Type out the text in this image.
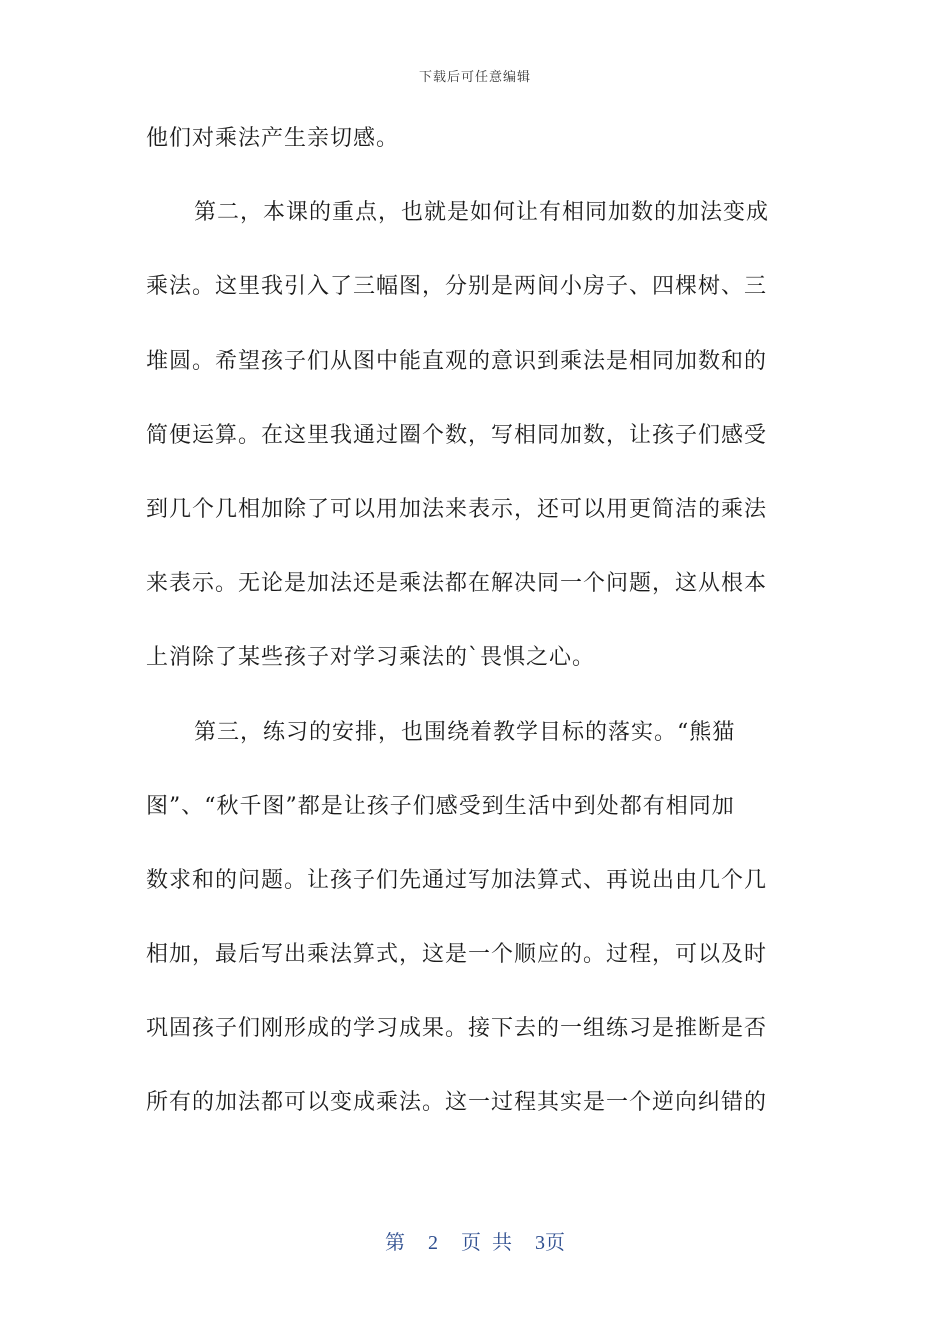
下载后可任意编辑
他们对乘法产生亲切感。
第二，本课的重点，也就是如何让有相同加数的加法变成
乘法。这里我引入了三幅图，分别是两间小房子、四棵树、三
堆圆。希望孩子们从图中能直观的意识到乘法是相同加数和的
简便运算。在这里我通过圈个数，写相同加数，让孩子们感受
到几个几相加除了可以用加法来表示，还可以用更简洁的乘法
来表示。无论是加法还是乘法都在解决同一个问题，这从根本
上消除了某些孩子对学习乘法的`畏惧之心。
第三，练习的安排，也围绕着教学目标的落实。“熊猫
图”、“秋千图”都是让孩子们感受到生活中到处都有相同加
数求和的问题。让孩子们先通过写加法算式、再说出由几个几
相加，最后写出乘法算式，这是一个顺应的。过程，可以及时
巩固孩子们刚形成的学习成果。接下去的一组练习是推断是否
所有的加法都可以变成乘法。这一过程其实是一个逆向纠错的
第 2 页 共 3页
